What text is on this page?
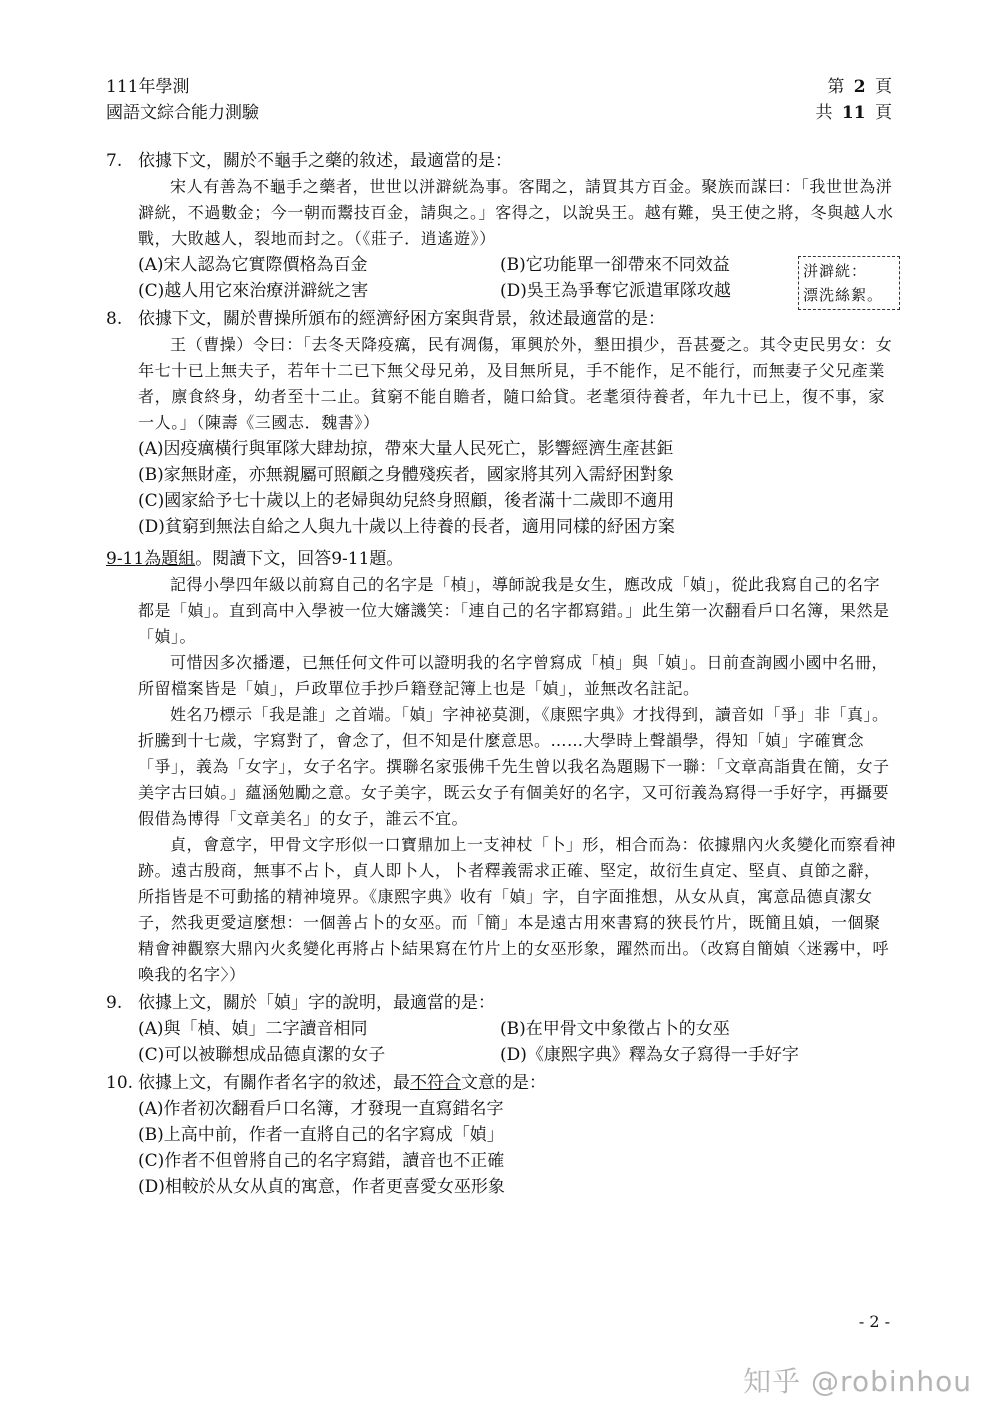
111年學測
國語文綜合能力測驗
第 2 頁
共 11 頁
7. 依據下文，關於不龜手之藥的敘述，最適當的是：

宋人有善為不龜手之藥者，世世以洴澼絖為事。客聞之，請買其方百金。聚族而謀曰：「我世世為洴澼絖，不過數金；今一朝而鬻技百金，請與之。」客得之，以說吳王。越有難，吳王使之將，冬與越人水戰，大敗越人，裂地而封之。（《莊子．逍遙遊》）

(A)宋人認為它實際價格為百金	(B)它功能單一卻帶來不同效益
(C)越人用它來治療洴澼絖之害	(D)吳王為爭奪它派遣軍隊攻越
8. 依據下文，關於曹操所頒布的經濟紓困方案與背景，敘述最適當的是：

王（曹操）令曰：「去冬天降疫癘，民有凋傷，軍興於外，墾田損少，吾甚憂之。其令吏民男女：女年七十已上無夫子，若年十二已下無父母兄弟，及目無所見，手不能作，足不能行，而無妻子父兄產業者，廪食終身，幼者至十二止。貧窮不能自贍者，隨口給貸。老耄須待養者，年九十已上，復不事，家一人。」（陳壽《三國志．魏書》）

(A)因疫癘橫行與軍隊大肆劫掠，帶來大量人民死亡，影響經濟生產甚鉅
(B)家無財產，亦無親屬可照顧之身體殘疾者，國家將其列入需紓困對象
(C)國家給予七十歲以上的老婦與幼兒終身照顧，後者滿十二歲即不適用
(D)貧窮到無法自給之人與九十歲以上待養的長者，適用同樣的紓困方案
9-11為題組。閱讀下文，回答9-11題。

記得小學四年級以前寫自己的名字是「楨」，導師說我是女生，應改成「媜」，從此我寫自己的名字都是「媜」。直到高中入學被一位大嬸譏笑：「連自己的名字都寫錯。」此生第一次翻看戶口名簿，果然是「媜」。

可惜因多次播遷，已無任何文件可以證明我的名字曾寫成「楨」與「媜」。日前查詢國小國中名冊，所留檔案皆是「媜」，戶政單位手抄戶籍登記簿上也是「媜」，並無改名註記。

姓名乃標示「我是誰」之首端。「媜」字神祕莫測，《康熙字典》才找得到，讀音如「爭」非「真」。折騰到十七歲，字寫對了，會念了，但不知是什麼意思。……大學時上聲韻學，得知「媜」字確實念「爭」，義為「女字」，女子名字。撰聯名家張佛千先生曾以我名為題賜下一聯：「文章高詣貴在簡，女子美字古曰媜。」蘊涵勉勵之意。女子美字，既云女子有個美好的名字，又可衍義為寫得一手好字，再攝要假借為博得「文章美名」的女子，誰云不宜。

貞，會意字，甲骨文字形似一口寶鼎加上一支神杖「卜」形，相合而為：依據鼎內火炙變化而察看神跡。遠古殷商，無事不占卜，貞人即卜人，卜者釋義需求正確、堅定，故衍生貞定、堅貞、貞節之辭，所指皆是不可動搖的精神境界。《康熙字典》收有「媜」字，自字面推想，从女从貞，寓意品德貞潔女子，然我更愛這麼想：一個善占卜的女巫。而「簡」本是遠古用來書寫的狹長竹片，既簡且媜，一個聚精會神觀察大鼎內火炙變化再將占卜結果寫在竹片上的女巫形象，躍然而出。（改寫自簡媜〈迷霧中，呼喚我的名字〉）

9. 依據上文，關於「媜」字的說明，最適當的是：
(A)與「楨、媜」二字讀音相同	(B)在甲骨文中象徵占卜的女巫
(C)可以被聯想成品德貞潔的女子	(D)《康熙字典》釋為女子寫得一手好字
10. 依據上文，有關作者名字的敘述，最不符合文意的是：
(A)作者初次翻看戶口名簿，才發現一直寫錯名字
(B)上高中前，作者一直將自己的名字寫成「媜」
(C)作者不但曾將自己的名字寫錯，讀音也不正確
(D)相較於从女从貞的寓意，作者更喜愛女巫形象
洴澼絖：
漂洗絲絮。
- 2 -
知乎 @robinhou
